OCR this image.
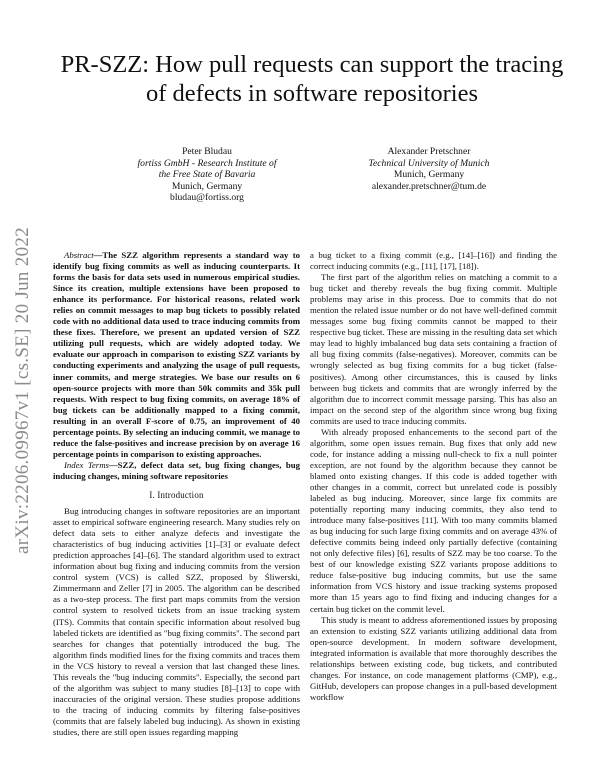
arXiv:2206.09967v1 [cs.SE] 20 Jun 2022
PR-SZZ: How pull requests can support the tracing of defects in software repositories
Peter Bludau
fortiss GmbH - Research Institute of
the Free State of Bavaria
Munich, Germany
bludau@fortiss.org
Alexander Pretschner
Technical University of Munich
Munich, Germany
alexander.pretschner@tum.de

Abstract—The SZZ algorithm represents a standard way to identify bug fixing commits as well as inducing counterparts. It forms the basis for data sets used in numerous empirical studies. Since its creation, multiple extensions have been proposed to enhance its performance. For historical reasons, related work relies on commit messages to map bug tickets to possibly related code with no additional data used to trace inducing commits from these fixes. Therefore, we present an updated version of SZZ utilizing pull requests, which are widely adopted today. We evaluate our approach in comparison to existing SZZ variants by conducting experiments and analyzing the usage of pull requests, inner commits, and merge strategies. We base our results on 6 open-source projects with more than 50k commits and 35k pull requests. With respect to bug fixing commits, on average 18% of bug tickets can be additionally mapped to a fixing commit, resulting in an overall F-score of 0.75, an improvement of 40 percentage points. By selecting an inducing commit, we manage to reduce the false-positives and increase precision by on average 16 percentage points in comparison to existing approaches.

Index Terms—SZZ, defect data set, bug fixing changes, bug inducing changes, mining software repositories

I. Introduction

Bug introducing changes in software repositories are an important asset to empirical software engineering research. Many studies rely on defect data sets to either analyze defects and investigate the characteristics of bug inducing activities [1]–[3] or evaluate defect prediction approaches [4]–[6]. The standard algorithm used to extract information about bug fixing and inducing commits from the version control system (VCS) is called SZZ, proposed by Śliwerski, Zimmermann and Zeller [7] in 2005. The algorithm can be described as a two-step process. The first part maps commits from the version control system to resolved tickets from an issue tracking system (ITS). Commits that contain specific information about resolved bug labeled tickets are identified as "bug fixing commits". The second part searches for changes that potentially introduced the bug. The algorithm finds modified lines for the fixing commits and traces them in the VCS history to reveal a version that last changed these lines. This reveals the "bug inducing commits". Especially, the second part of the algorithm was subject to many studies [8]–[13] to cope with inaccuracies of the original version. These studies propose additions to the tracing of inducing commits by filtering false-positives (commits that are falsely labeled bug inducing). As shown in existing studies, there are still open issues regarding mapping

a bug ticket to a fixing commit (e.g., [14]–[16]) and finding the correct inducing commits (e.g., [11], [17], [18]).

The first part of the algorithm relies on matching a commit to a bug ticket and thereby reveals the bug fixing commit. Multiple problems may arise in this process. Due to commits that do not mention the related issue number or do not have well-defined commit messages some bug fixing commits cannot be mapped to their respective bug ticket. These are missing in the resulting data set which may lead to highly imbalanced bug data sets containing a fraction of all bug fixing commits (false-negatives). Moreover, commits can be wrongly selected as bug fixing commits for a bug ticket (false-positives). Among other circumstances, this is caused by links between bug tickets and commits that are wrongly inferred by the algorithm due to incorrect commit message parsing. This has also an impact on the second step of the algorithm since wrong bug fixing commits are used to trace inducing commits.

With already proposed enhancements to the second part of the algorithm, some open issues remain. Bug fixes that only add new code, for instance adding a missing null-check to fix a null pointer exception, are not found by the algorithm because they cannot be blamed onto existing changes. If this code is added together with other changes in a commit, correct but unrelated code is possibly labeled as bug inducing. Moreover, since large fix commits are potentially reporting many inducing commits, they also tend to introduce many false-positives [11]. With too many commits blamed as bug inducing for such large fixing commits and on average 43% of defective commits being indeed only partially defective (containing not only defective files) [6], results of SZZ may be too coarse. To the best of our knowledge existing SZZ variants propose additions to reduce false-positive bug inducing commits, but use the same information from VCS history and issue tracking systems proposed more than 15 years ago to find fixing and inducing changes for a certain bug ticket on the commit level.

This study is meant to address aforementioned issues by proposing an extension to existing SZZ variants utilizing additional data from open-source development. In modern software development, integrated information is available that more thoroughly describes the relationships between existing code, bug tickets, and contributed changes. For instance, on code management platforms (CMP), e.g., GitHub, developers can propose changes in a pull-based development workflow
